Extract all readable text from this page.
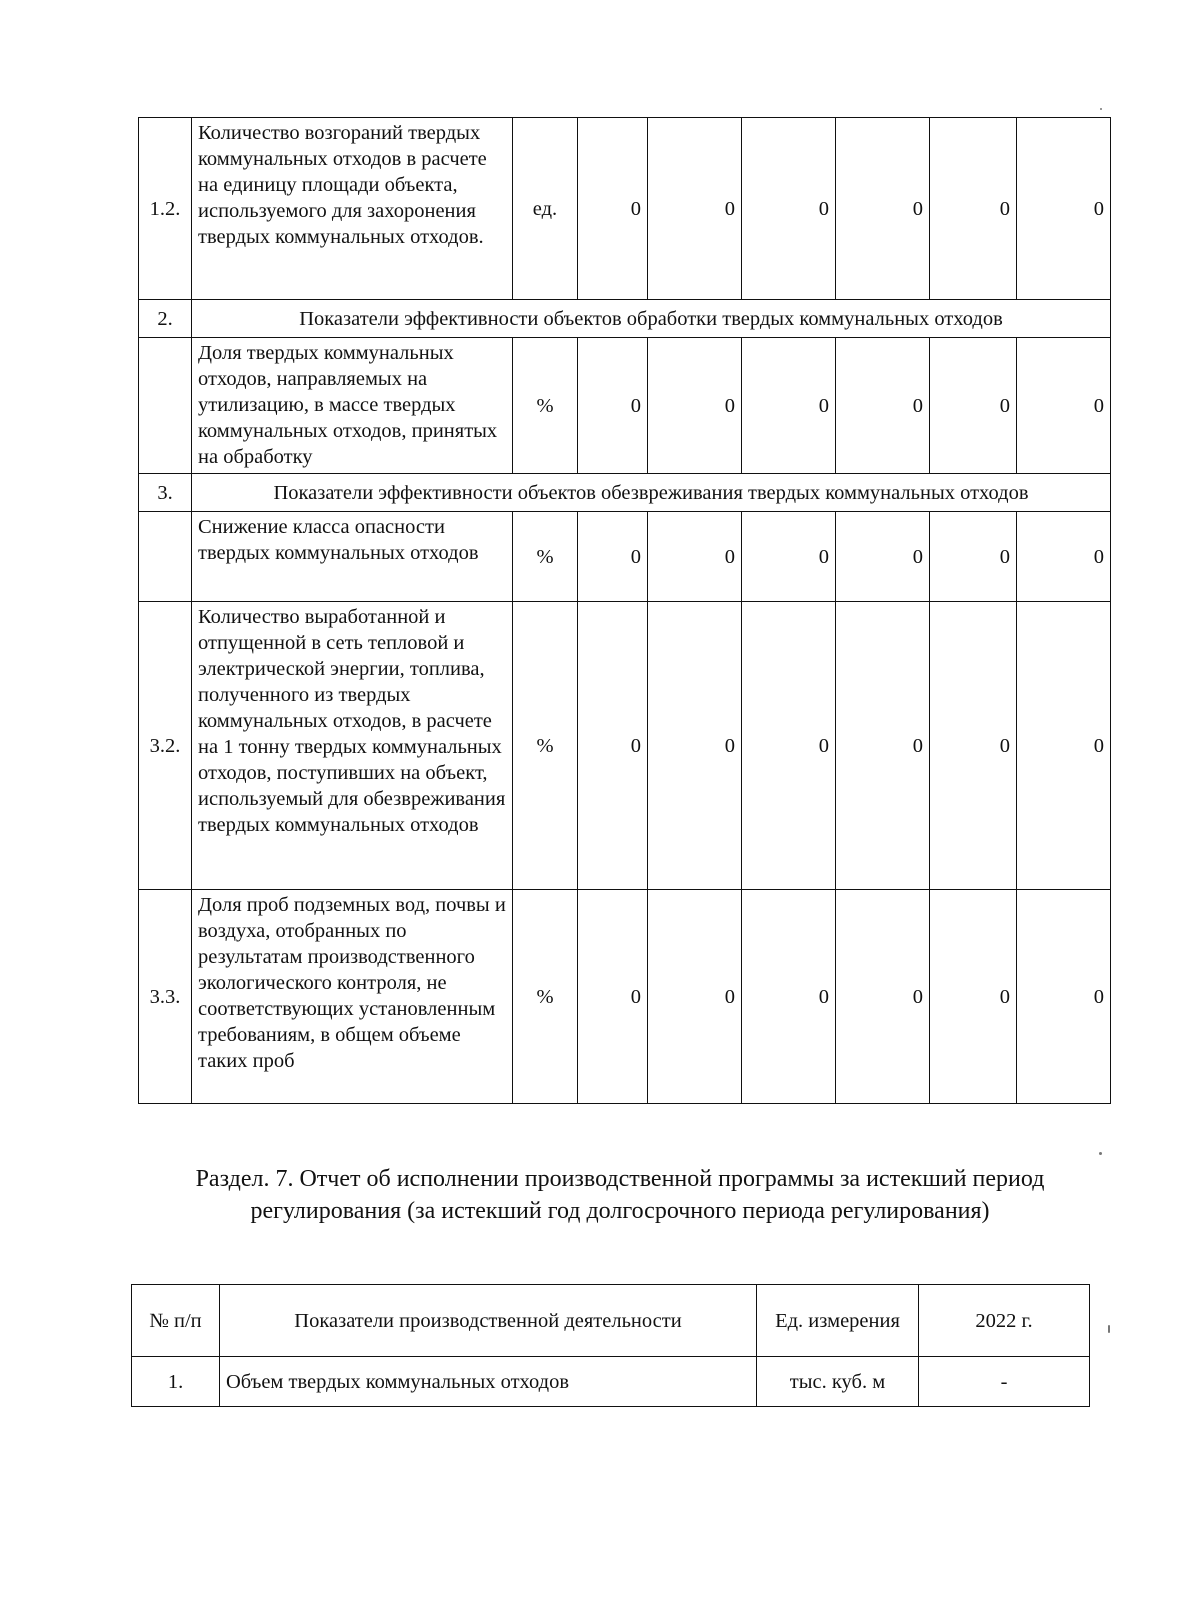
1.2.	Количество возгораний твердых коммунальных отходов в расчете на единицу площади объекта, используемого для захоронения твердых коммунальных отходов.	ед.	0	0	0	0	0	0
2.	Показатели эффективности объектов обработки твердых коммунальных отходов							
	Доля твердых коммунальных отходов, направляемых на утилизацию, в массе твердых коммунальных отходов, принятых на обработку	%	0	0	0	0	0	0
3.	Показатели эффективности объектов обезвреживания твердых коммунальных отходов							
	Снижение класса опасности твердых коммунальных отходов	%	0	0	0	0	0	0
3.2.	Количество выработанной и отпущенной в сеть тепловой и электрической энергии, топлива, полученного из твердых коммунальных отходов, в расчете на 1 тонну твердых коммунальных отходов, поступивших на объект, используемый для обезвреживания твердых коммунальных отходов	%	0	0	0	0	0	0
3.3.	Доля проб подземных вод, почвы и воздуха, отобранных по результатам производственного экологического контроля, не соответствующих установленным требованиям, в общем объеме таких проб	%	0	0	0	0	0	0
Раздел. 7. Отчет об исполнении производственной программы за истекший период регулирования (за истекший год долгосрочного периода регулирования)
№ п/п	Показатели производственной деятельности	Ед. измерения	2022 г.
1.	Объем твердых коммунальных отходов	тыс. куб. м	-
